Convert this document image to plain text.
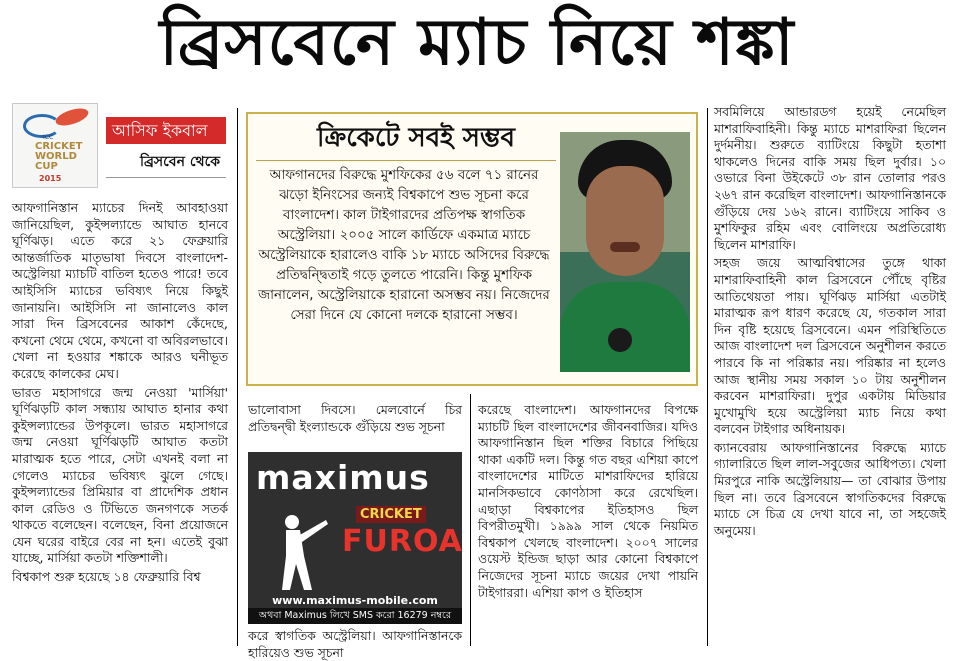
ব্রিসবেনে ম্যাচ নিয়ে শঙ্কা
ICC
CRICKET WORLD CUP
2015
আসিফ ইকবাল
ব্রিসবেন থেকে

আফগানিস্তান ম্যাচের দিনই আবহাওয়া জানিয়েছিল, কুইন্সল্যান্ডে আঘাত হানবে ঘূর্ণিঝড়। এতে করে ২১ ফেব্রুয়ারি আন্তর্জাতিক মাতৃভাষা দিবসে বাংলাদেশ-অস্ট্রেলিয়া ম্যাচটি বাতিল হতেও পারে! তবে আইসিসি ম্যাচের ভবিষ্যৎ নিয়ে কিছুই জানায়নি। আইসিসি না জানালেও কাল সারা দিন ব্রিসবেনের আকাশ কেঁদেছে, কখনো থেমে থেমে, কখনো বা অবিরলভাবে। খেলা না হওয়ার শঙ্কাকে আরও ঘনীভূত করেছে কালকের মেঘ।

ভারত মহাসাগরে জন্ম নেওয়া 'মার্সিয়া' ঘূর্ণিঝড়টি কাল সন্ধ্যায় আঘাত হানার কথা কুইন্সল্যান্ডের উপকূলে। ভারত মহাসাগরে জন্ম নেওয়া ঘূর্ণিঝড়টি আঘাত কতটা মারাত্মক হতে পারে, সেটা এখনই বলা না গেলেও ম্যাচের ভবিষ্যৎ ঝুলে গেছে। কুইন্সল্যান্ডের প্রিমিয়ার বা প্রাদেশিক প্রধান কাল রেডিও ও টিভিতে জনগণকে সতর্ক থাকতে বলেছেন। বলেছেন, বিনা প্রয়োজনে যেন ঘরের বাইরে বের না হন। এতেই বুঝা যাচ্ছে, মার্সিয়া কতটা শক্তিশালী।

বিশ্বকাপ শুরু হয়েছে ১৪ ফেব্রুয়ারি বিশ্ব

ক্রিকেটে সবই সম্ভব
আফগানদের বিরুদ্ধে মুশফিকের ৫৬ বলে ৭১ রানের ঝড়ো ইনিংসের জন্যই বিশ্বকাপে শুভ সূচনা করে বাংলাদেশ। কাল টাইগারদের প্রতিপক্ষ স্বাগতিক অস্ট্রেলিয়া। ২০০৫ সালে কার্ডিফে একমাত্র ম্যাচে অস্ট্রেলিয়াকে হারালেও বাকি ১৮ ম্যাচে অসিদের বিরুদ্ধে প্রতিদ্বন্দ্বিতাই গড়ে তুলতে পারেনি। কিন্তু মুশফিক জানালেন, অস্ট্রেলিয়াকে হারানো অসম্ভব নয়। নিজেদের সেরা দিনে যে কোনো দলকে হারানো সম্ভব।

ভালোবাসা দিবসে। মেলবোর্নে চির প্রতিদ্বন্দ্বী ইংল্যান্ডকে গুঁড়িয়ে শুভ সূচনা

maximus
CRICKET
FUROA
www.maximus-mobile.com
অথবা Maximus লিখে SMS করো 16279 নম্বরে

করে স্বাগতিক অস্ট্রেলিয়া। আফগানিস্তানকে হারিয়েও শুভ সূচনা

করেছে বাংলাদেশ। আফগানদের বিপক্ষে ম্যাচটি ছিল বাংলাদেশের জীবনবাজির। যদিও আফগানিস্তান ছিল শক্তির বিচারে পিছিয়ে থাকা একটি দল। কিন্তু গত বছর এশিয়া কাপে বাংলাদেশের মাটিতে মাশরাফিদের হারিয়ে মানসিকভাবে কোণঠাসা করে রেখেছিল। এছাড়া বিশ্বকাপের ইতিহাসও ছিল বিপরীতমুখী। ১৯৯৯ সাল থেকে নিয়মিত বিশ্বকাপ খেলছে বাংলাদেশ। ২০০৭ সালের ওয়েস্ট ইন্ডিজ ছাড়া আর কোনো বিশ্বকাপে নিজেদের সূচনা ম্যাচে জয়ের দেখা পায়নি টাইগাররা। এশিয়া কাপ ও ইতিহাস

সবমিলিয়ে আন্ডারডগ হয়েই নেমেছিল মাশরাফিবাহিনী। কিন্তু ম্যাচে মাশরাফিরা ছিলেন দুর্দমনীয়। শুরুতে ব্যাটিংয়ে কিছুটা হতাশা থাকলেও দিনের বাকি সময় ছিল দুর্বার। ১০ ওভারে বিনা উইকেটে ৩৮ রান তোলার পরও ২৬৭ রান করেছিল বাংলাদেশ। আফগানিস্তানকে গুঁড়িয়ে দেয় ১৬২ রানে। ব্যাটিংয়ে সাকিব ও মুশফিকুর রহিম এবং বোলিংয়ে অপ্রতিরোধ্য ছিলেন মাশরাফি।

সহজ জয়ে আত্মবিশ্বাসের তুঙ্গে থাকা মাশরাফিবাহিনী কাল ব্রিসবেনে পৌঁছে বৃষ্টির আতিথেয়তা পায়। ঘূর্ণিঝড় মার্সিয়া এতটাই মারাত্মক রূপ ধারণ করেছে যে, গতকাল সারা দিন বৃষ্টি হয়েছে ব্রিসবেনে। এমন পরিস্থিতিতে আজ বাংলাদেশ দল ব্রিসবেনে অনুশীলন করতে পারবে কি না পরিষ্কার নয়। পরিষ্কার না হলেও আজ স্থানীয় সময় সকাল ১০ টায় অনুশীলন করবেন মাশরাফিরা। দুপুর একটায় মিডিয়ার মুখোমুখি হয়ে অস্ট্রেলিয়া ম্যাচ নিয়ে কথা বলবেন টাইগার অধিনায়ক।

ক্যানবেরায় আফগানিস্তানের বিরুদ্ধে ম্যাচে গ্যালারিতে ছিল লাল-সবুজের আধিপত্য। খেলা মিরপুরে নাকি অস্ট্রেলিয়ায়— তা বোঝার উপায় ছিল না। তবে ব্রিসবেনে স্বাগতিকদের বিরুদ্ধে ম্যাচে সে চিত্র যে দেখা যাবে না, তা সহজেই অনুমেয়।
